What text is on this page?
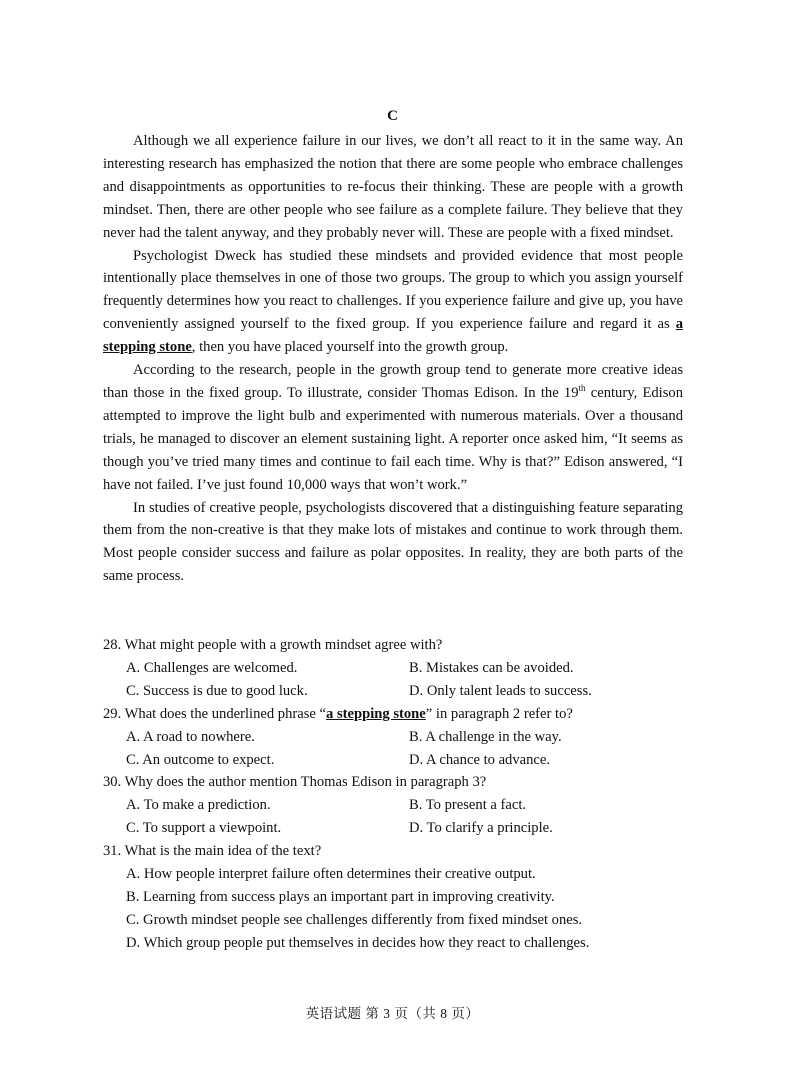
C

Although we all experience failure in our lives, we don’t all react to it in the same way. An interesting research has emphasized the notion that there are some people who embrace challenges and disappointments as opportunities to re-focus their thinking. These are people with a growth mindset. Then, there are other people who see failure as a complete failure. They believe that they never had the talent anyway, and they probably never will. These are people with a fixed mindset.

Psychologist Dweck has studied these mindsets and provided evidence that most people intentionally place themselves in one of those two groups. The group to which you assign yourself frequently determines how you react to challenges. If you experience failure and give up, you have conveniently assigned yourself to the fixed group. If you experience failure and regard it as a stepping stone, then you have placed yourself into the growth group.

According to the research, people in the growth group tend to generate more creative ideas than those in the fixed group. To illustrate, consider Thomas Edison. In the 19th century, Edison attempted to improve the light bulb and experimented with numerous materials. Over a thousand trials, he managed to discover an element sustaining light. A reporter once asked him, “It seems as though you’ve tried many times and continue to fail each time. Why is that?” Edison answered, “I have not failed. I’ve just found 10,000 ways that won’t work.”

In studies of creative people, psychologists discovered that a distinguishing feature separating them from the non-creative is that they make lots of mistakes and continue to work through them. Most people consider success and failure as polar opposites. In reality, they are both parts of the same process.

28. What might people with a growth mindset agree with?
A. Challenges are welcomed.	B. Mistakes can be avoided.
C. Success is due to good luck.	D. Only talent leads to success.
29. What does the underlined phrase “a stepping stone” in paragraph 2 refer to?
A. A road to nowhere.	B. A challenge in the way.
C. An outcome to expect.	D. A chance to advance.
30. Why does the author mention Thomas Edison in paragraph 3?
A. To make a prediction.	B. To present a fact.
C. To support a viewpoint.	D. To clarify a principle.
31. What is the main idea of the text?
A. How people interpret failure often determines their creative output.
B. Learning from success plays an important part in improving creativity.
C. Growth mindset people see challenges differently from fixed mindset ones.
D. Which group people put themselves in decides how they react to challenges.
英语试题 第 3 页（共 8 页）
